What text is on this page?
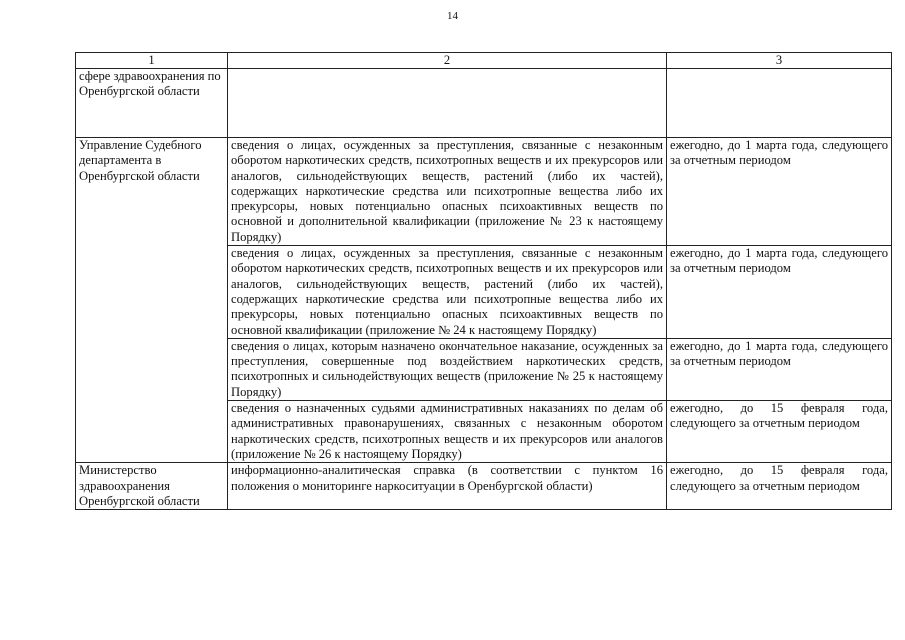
14
1	2	3
сфере здравоохранения по Оренбургской области		
Управление Судебного департамента в Оренбургской области	сведения о лицах, осужденных за преступления, связанные с незаконным оборотом наркотических средств, психотропных веществ и их прекурсоров или аналогов, сильнодействующих веществ, растений (либо их частей), содержащих наркотические средства или психотропные вещества либо их прекурсоры, новых потенциально опасных психоактивных веществ по основной и дополнительной квалификации (приложение № 23 к настоящему Порядку)	ежегодно, до 1 марта года, следующего за отчетным периодом
	сведения о лицах, осужденных за преступления, связанные с незаконным оборотом наркотических средств, психотропных веществ и их прекурсоров или аналогов, сильнодействующих веществ, растений (либо их частей), содержащих наркотические средства или психотропные вещества либо их прекурсоры, новых потенциально опасных психоактивных веществ по основной квалификации (приложение № 24 к настоящему Порядку)	ежегодно, до 1 марта года, следующего за отчетным периодом
	сведения о лицах, которым назначено окончательное наказание, осужденных за преступления, совершенные под воздействием наркотических средств, психотропных и сильнодействующих веществ (приложение № 25 к настоящему Порядку)	ежегодно, до 1 марта года, следующего за отчетным периодом
	сведения о назначенных судьями административных наказаниях по делам об административных правонарушениях, связанных с незаконным оборотом наркотических средств, психотропных веществ и их прекурсоров или аналогов (приложение № 26 к настоящему Порядку)	ежегодно, до 15 февраля года, следующего за отчетным периодом
Министерство здравоохранения Оренбургской области	информационно-аналитическая справка (в соответствии с пунктом 16 положения о мониторинге наркоситуации в Оренбургской области)	ежегодно, до 15 февраля года, следующего за отчетным периодом
